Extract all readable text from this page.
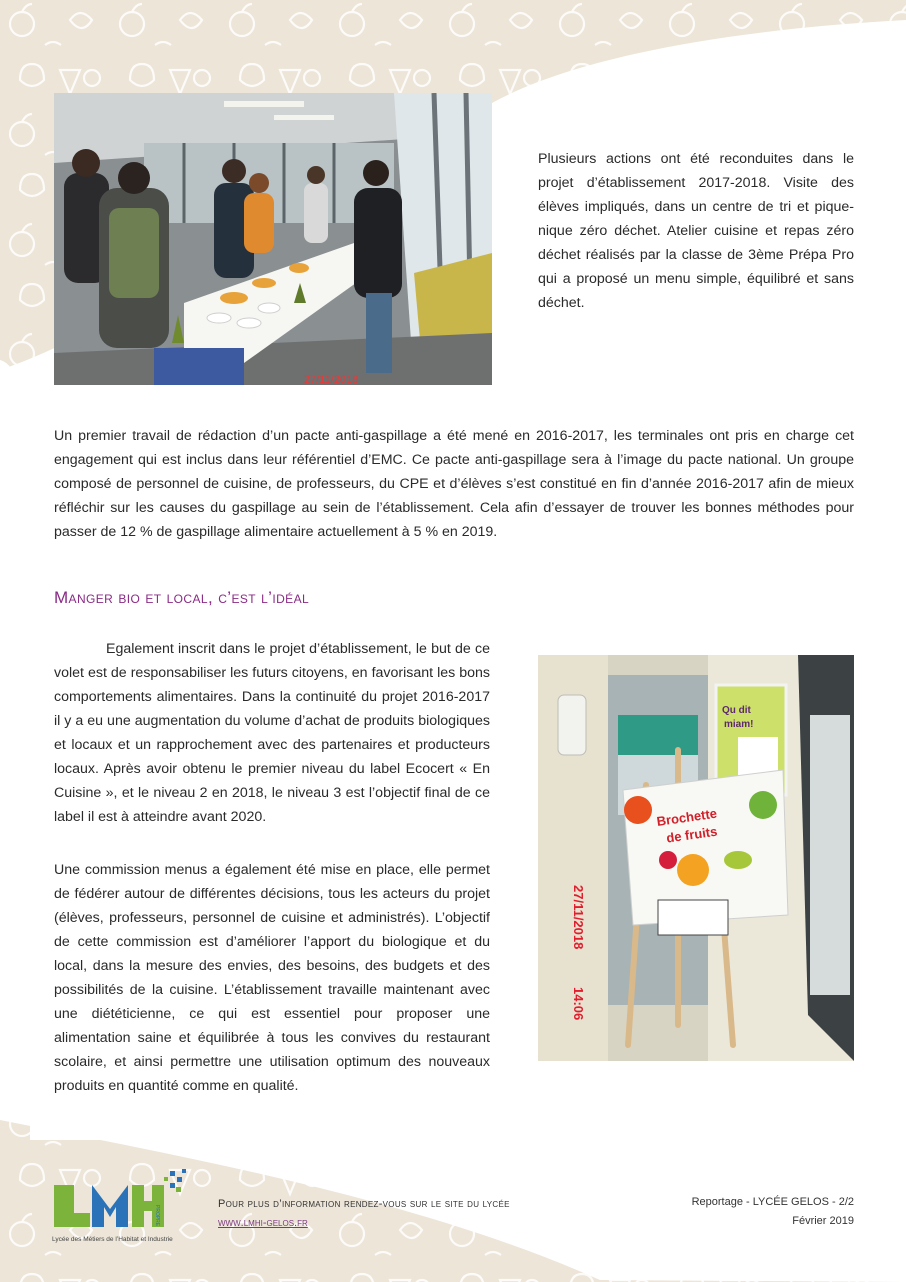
27/11/2018

Plusieurs actions ont été reconduites dans le projet d’établissement 2017-2018. Visite des élèves impliqués, dans un centre de tri et pique-nique zéro déchet. Atelier cuisine et repas zéro déchet réalisés par la classe de 3ème Prépa Pro qui a proposé un menu simple, équilibré et sans déchet.

Un premier travail de rédaction d’un pacte anti-gaspillage a été mené en 2016-2017, les terminales ont pris en charge cet engagement qui est inclus dans leur référentiel d’EMC. Ce pacte anti-gaspillage sera à l’image du pacte national. Un groupe composé de personnel de cuisine, de professeurs, du CPE et d’élèves s’est constitué en fin d’année 2016-2017 afin de mieux réfléchir sur les causes du gaspillage au sein de l’établissement. Cela afin d’essayer de trouver les bonnes méthodes pour passer de 12 % de gaspillage alimentaire actuellement à 5 % en 2019.

Manger bio et local, c’est l’idéal

Egalement inscrit dans le projet d’établissement, le but de ce volet est de responsabiliser les futurs citoyens, en favorisant les bons comportements alimentaires. Dans la continuité du projet 2016-2017 il y a eu une augmentation du volume d’achat de produits biologiques et locaux et un rapprochement avec des partenaires et producteurs locaux. Après avoir obtenu le premier niveau du label Ecocert « En Cuisine », et le niveau 2 en 2018, le niveau 3 est l’objectif final de ce label il est à atteindre avant 2020.

Une commission menus a également été mise en place, elle permet de fédérer autour de différentes décisions, tous les acteurs du projet (élèves, professeurs, personnel de cuisine et administrés). L’objectif de cette commission est d’améliorer l’apport du biologique et du local, dans la mesure des envies, des besoins, des budgets et des possibilités de la cuisine. L’établissement travaille maintenant avec une diététicienne, ce qui est essentiel pour proposer une alimentation saine et équilibrée à tous les convives du restaurant scolaire, et ainsi permettre une utilisation optimum des nouveaux produits en quantité comme en qualité.

Qu dit
miam!
Brochette
de fruits
27/11/2018
14:06
PROPRE
Lycée des Métiers de l’Habitat et Industrie
Pour plus d’information rendez-vous sur le site du lycée
www.lmhi-gelos.fr
Reportage - LYCÉE GELOS - 2/2
Février 2019
